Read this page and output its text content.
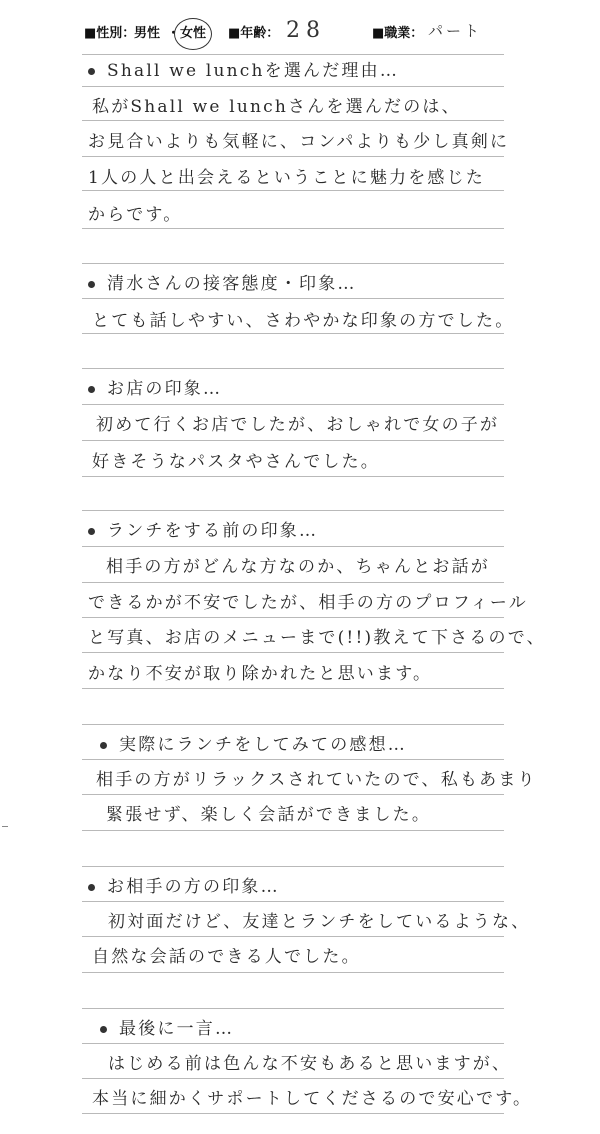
■性別：
男性 ・ 女性 ■年齢： 28	■職業： パート
Shall we lunchを選んだ理由…
私がShall we lunchさんを選んだのは、
お見合いよりも気軽に、コンパよりも少し真剣に
1人の人と出会えるということに魅力を感じた
からです。
清水さんの接客態度・印象…
とても話しやすい、さわやかな印象の方でした。
お店の印象…
初めて行くお店でしたが、おしゃれで女の子が
好きそうなパスタやさんでした。
ランチをする前の印象…
相手の方がどんな方なのか、ちゃんとお話が
できるかが不安でしたが、相手の方のプロフィール
と写真、お店のメニューまで(!!)教えて下さるので、
かなり不安が取り除かれたと思います。
実際にランチをしてみての感想…
相手の方がリラックスされていたので、私もあまり
緊張せず、楽しく会話ができました。
お相手の方の印象…
初対面だけど、友達とランチをしているような、
自然な会話のできる人でした。
最後に一言…
はじめる前は色んな不安もあると思いますが、
本当に細かくサポートしてくださるので安心です。
